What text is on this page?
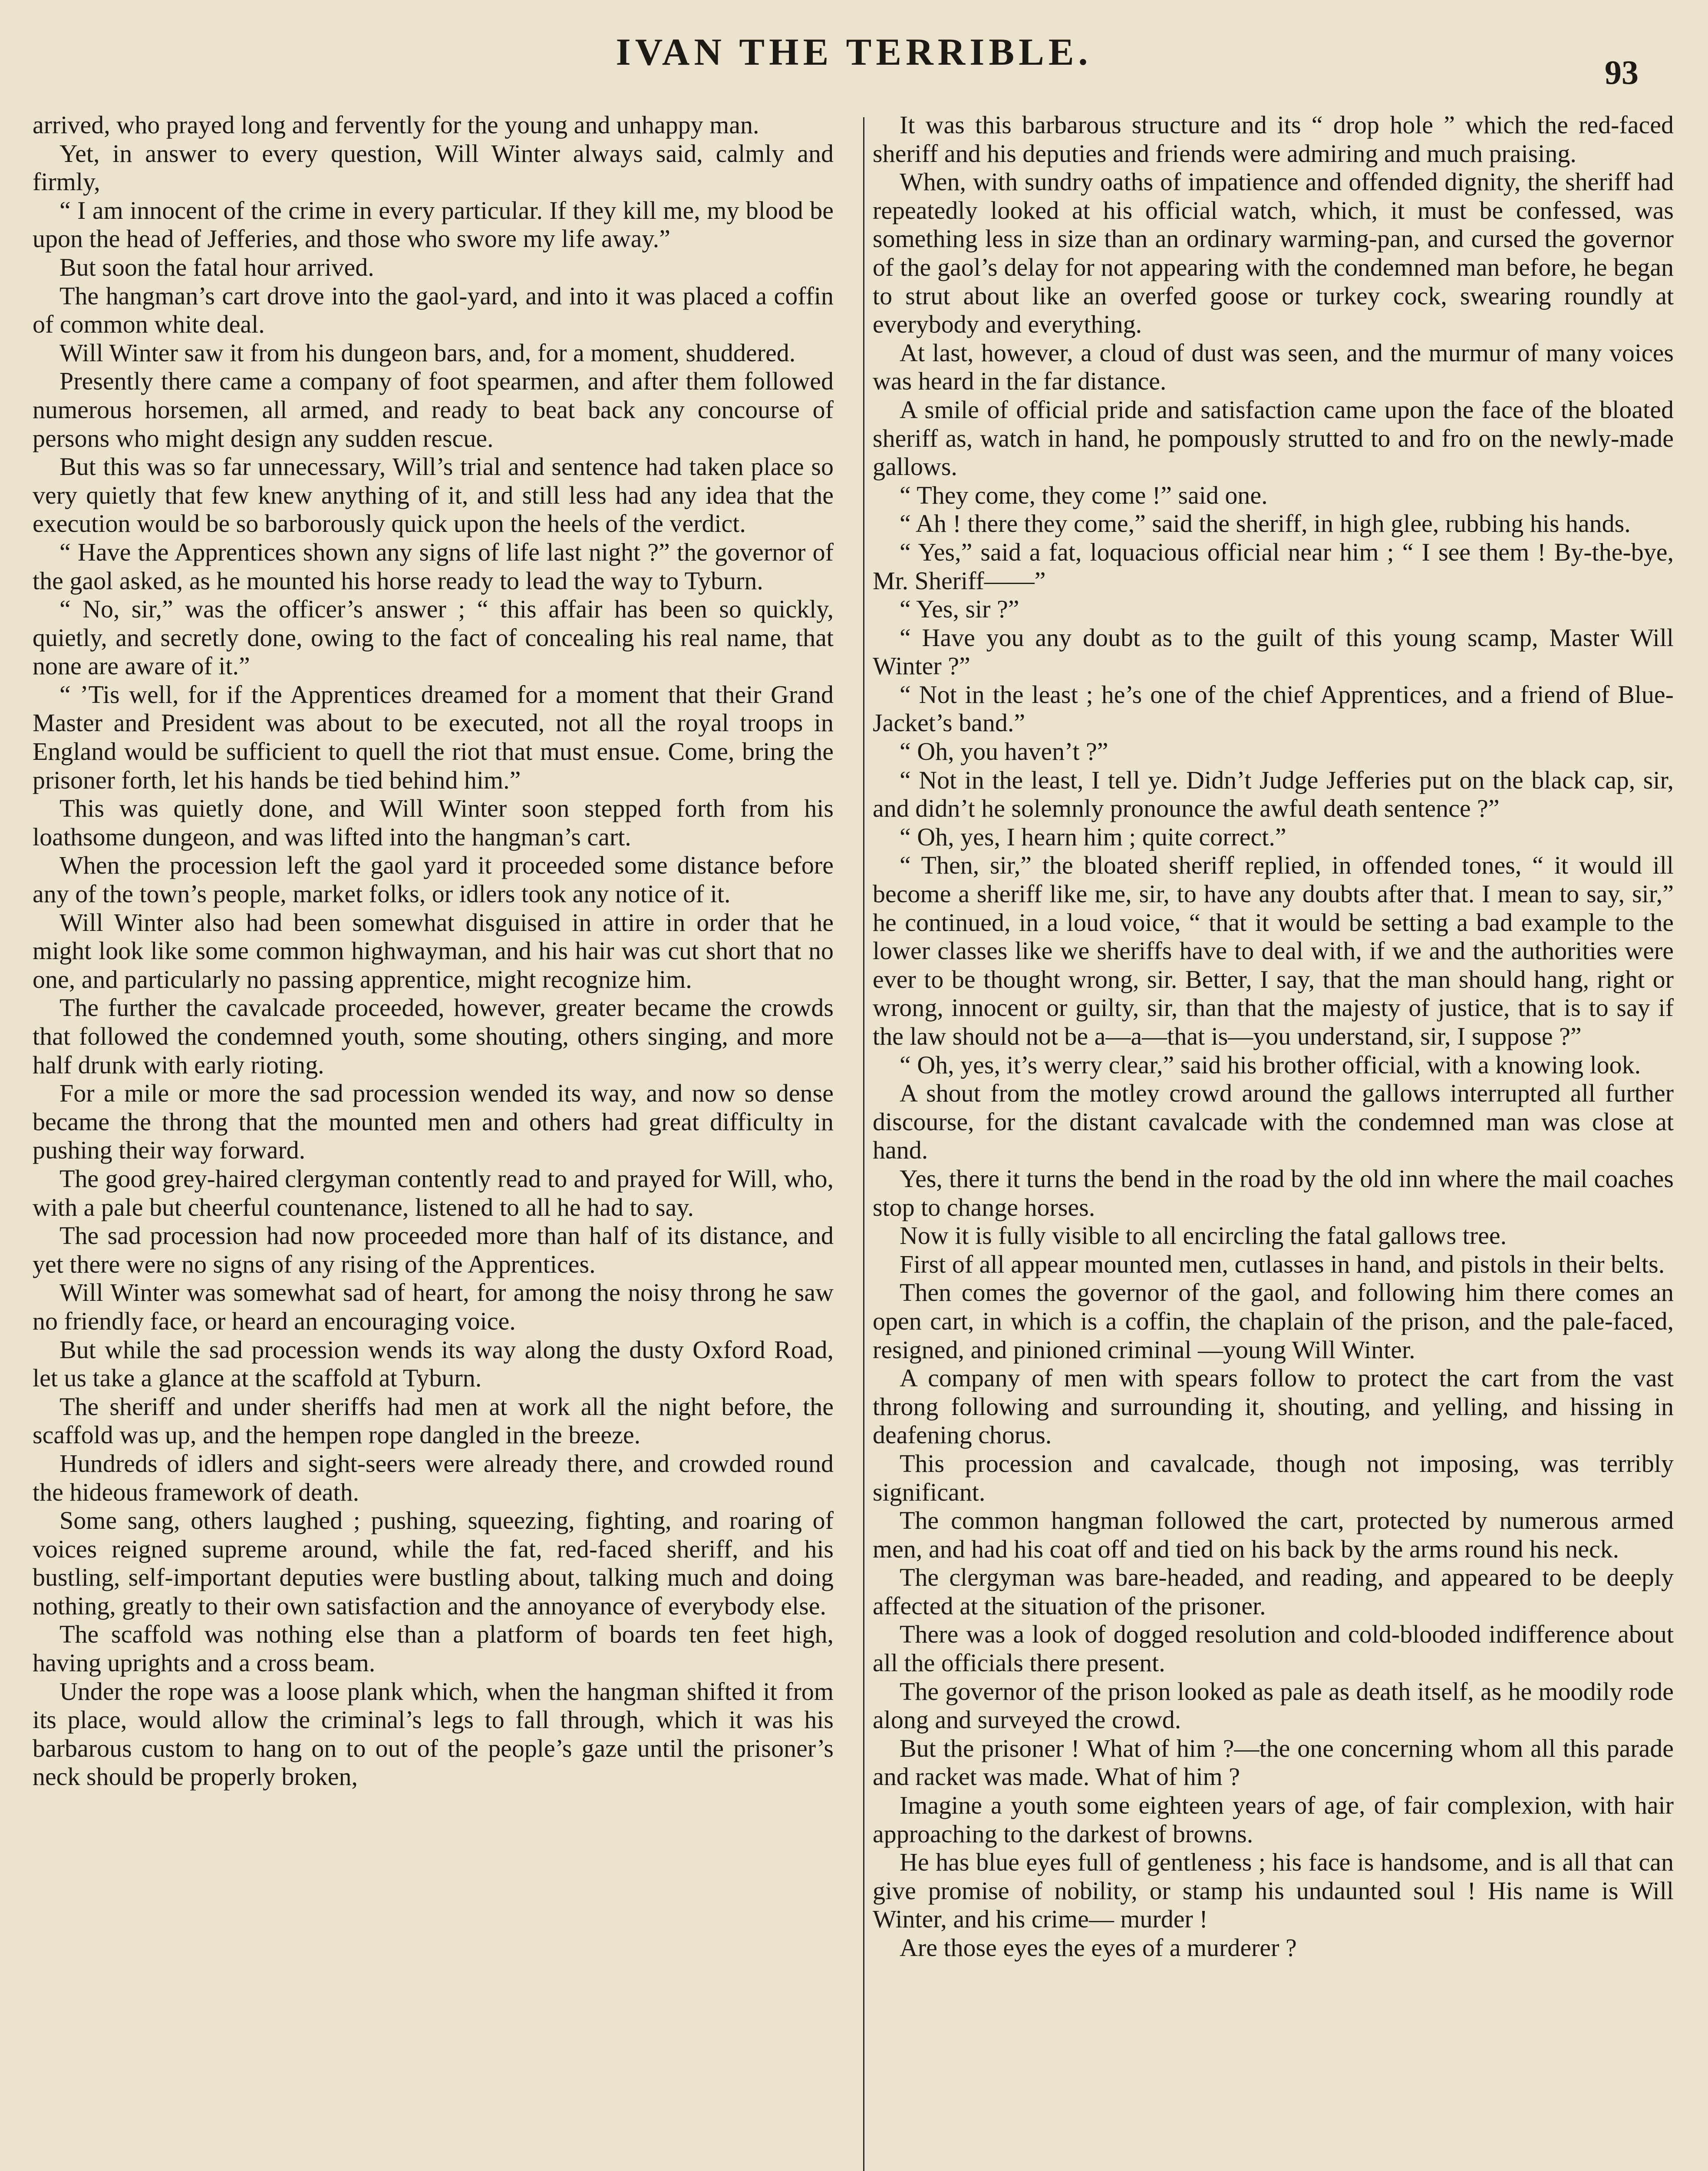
IVAN THE TERRIBLE.	93

arrived, who prayed long and fervently for the young and unhappy man.

Yet, in answer to every question, Will Winter always said, calmly and firmly,

“ I am innocent of the crime in every particular. If they kill me, my blood be upon the head of Jefferies, and those who swore my life away.”

But soon the fatal hour arrived.

The hangman’s cart drove into the gaol-yard, and into it was placed a coffin of common white deal.

Will Winter saw it from his dungeon bars, and, for a moment, shuddered.

Presently there came a company of foot spearmen, and after them followed numerous horsemen, all armed, and ready to beat back any concourse of persons who might design any sudden rescue.

But this was so far unnecessary, Will’s trial and sentence had taken place so very quietly that few knew anything of it, and still less had any idea that the execution would be so barborously quick upon the heels of the verdict.

“ Have the Apprentices shown any signs of life last night ?” the governor of the gaol asked, as he mounted his horse ready to lead the way to Tyburn.

“ No, sir,” was the officer’s answer ; “ this affair has been so quickly, quietly, and secretly done, owing to the fact of concealing his real name, that none are aware of it.”

“ ’Tis well, for if the Apprentices dreamed for a moment that their Grand Master and President was about to be executed, not all the royal troops in England would be sufficient to quell the riot that must ensue. Come, bring the prisoner forth, let his hands be tied behind him.”

This was quietly done, and Will Winter soon stepped forth from his loathsome dungeon, and was lifted into the hangman’s cart.

When the procession left the gaol yard it proceeded some distance before any of the town’s people, market folks, or idlers took any notice of it.

Will Winter also had been somewhat disguised in attire in order that he might look like some common highwayman, and his hair was cut short that no one, and particularly no passing apprentice, might recognize him.

The further the cavalcade proceeded, however, greater became the crowds that followed the condemned youth, some shouting, others singing, and more half drunk with early rioting.

For a mile or more the sad procession wended its way, and now so dense became the throng that the mounted men and others had great difficulty in pushing their way forward.

The good grey-haired clergyman contently read to and prayed for Will, who, with a pale but cheerful countenance, listened to all he had to say.

The sad procession had now proceeded more than half of its distance, and yet there were no signs of any rising of the Apprentices.

Will Winter was somewhat sad of heart, for among the noisy throng he saw no friendly face, or heard an encouraging voice.

But while the sad procession wends its way along the dusty Oxford Road, let us take a glance at the scaffold at Tyburn.

The sheriff and under sheriffs had men at work all the night before, the scaffold was up, and the hempen rope dangled in the breeze.

Hundreds of idlers and sight-seers were already there, and crowded round the hideous framework of death.

Some sang, others laughed ; pushing, squeezing, fighting, and roaring of voices reigned supreme around, while the fat, red-faced sheriff, and his bustling, self-important deputies were bustling about, talking much and doing nothing, greatly to their own satisfaction and the annoyance of everybody else.

The scaffold was nothing else than a platform of boards ten feet high, having uprights and a cross beam.

Under the rope was a loose plank which, when the hangman shifted it from its place, would allow the criminal’s legs to fall through, which it was his barbarous custom to hang on to out of the people’s gaze until the prisoner’s neck should be properly broken,

It was this barbarous structure and its “ drop hole ” which the red-faced sheriff and his deputies and friends were admiring and much praising.

When, with sundry oaths of impatience and offended dignity, the sheriff had repeatedly looked at his official watch, which, it must be confessed, was something less in size than an ordinary warming-pan, and cursed the governor of the gaol’s delay for not appearing with the condemned man before, he began to strut about like an overfed goose or turkey cock, swearing roundly at everybody and everything.

At last, however, a cloud of dust was seen, and the murmur of many voices was heard in the far distance.

A smile of official pride and satisfaction came upon the face of the bloated sheriff as, watch in hand, he pompously strutted to and fro on the newly-made gallows.

“ They come, they come !” said one.

“ Ah ! there they come,” said the sheriff, in high glee, rubbing his hands.

“ Yes,” said a fat, loquacious official near him ; “ I see them ! By-the-bye, Mr. Sheriff——”

“ Yes, sir ?”

“ Have you any doubt as to the guilt of this young scamp, Master Will Winter ?”

“ Not in the least ; he’s one of the chief Apprentices, and a friend of Blue-Jacket’s band.”

“ Oh, you haven’t ?”

“ Not in the least, I tell ye. Didn’t Judge Jefferies put on the black cap, sir, and didn’t he solemnly pronounce the awful death sentence ?”

“ Oh, yes, I hearn him ; quite correct.”

“ Then, sir,” the bloated sheriff replied, in offended tones, “ it would ill become a sheriff like me, sir, to have any doubts after that. I mean to say, sir,” he continued, in a loud voice, “ that it would be setting a bad example to the lower classes like we sheriffs have to deal with, if we and the authorities were ever to be thought wrong, sir. Better, I say, that the man should hang, right or wrong, innocent or guilty, sir, than that the majesty of justice, that is to say if the law should not be a—a—that is—you understand, sir, I suppose ?”

“ Oh, yes, it’s werry clear,” said his brother official, with a knowing look.

A shout from the motley crowd around the gallows interrupted all further discourse, for the distant cavalcade with the condemned man was close at hand.

Yes, there it turns the bend in the road by the old inn where the mail coaches stop to change horses.

Now it is fully visible to all encircling the fatal gallows tree.

First of all appear mounted men, cutlasses in hand, and pistols in their belts.

Then comes the governor of the gaol, and following him there comes an open cart, in which is a coffin, the chaplain of the prison, and the pale-faced, resigned, and pinioned criminal —young Will Winter.

A company of men with spears follow to protect the cart from the vast throng following and surrounding it, shouting, and yelling, and hissing in deafening chorus.

This procession and cavalcade, though not imposing, was terribly significant.

The common hangman followed the cart, protected by numerous armed men, and had his coat off and tied on his back by the arms round his neck.

The clergyman was bare-headed, and reading, and appeared to be deeply affected at the situation of the prisoner.

There was a look of dogged resolution and cold-blooded indifference about all the officials there present.

The governor of the prison looked as pale as death itself, as he moodily rode along and surveyed the crowd.

But the prisoner ! What of him ?—the one concerning whom all this parade and racket was made. What of him ?

Imagine a youth some eighteen years of age, of fair complexion, with hair approaching to the darkest of browns.

He has blue eyes full of gentleness ; his face is handsome, and is all that can give promise of nobility, or stamp his undaunted soul ! His name is Will Winter, and his crime— murder !

Are those eyes the eyes of a murderer ?
